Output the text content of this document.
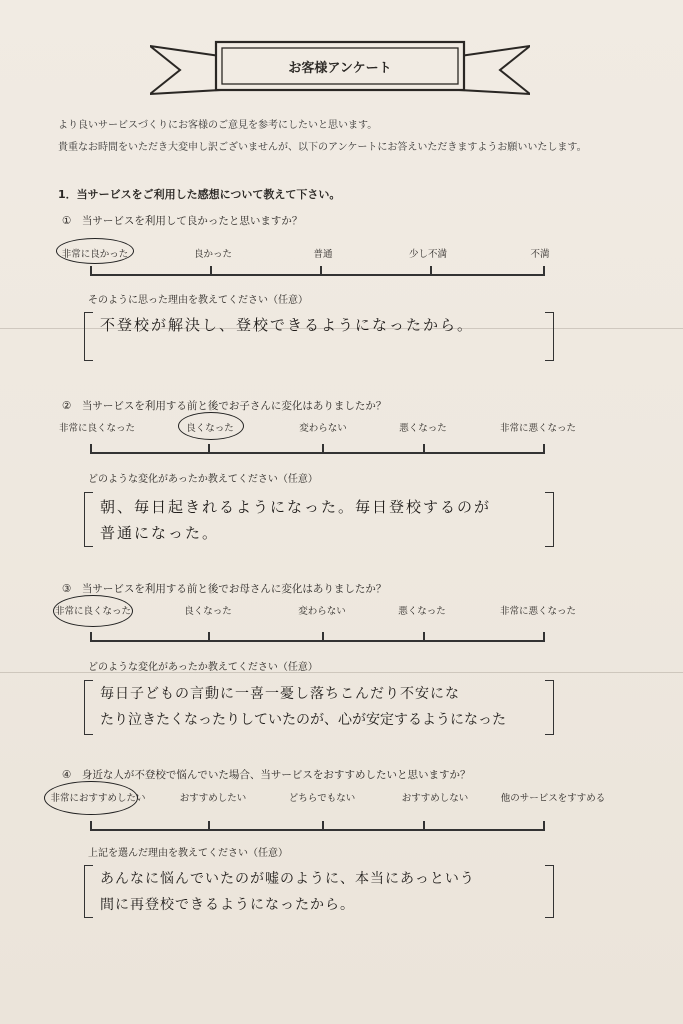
お客様アンケート
より良いサービスづくりにお客様のご意見を参考にしたいと思います。
貴重なお時間をいただき大変申し訳ございませんが、以下のアンケートにお答えいただきますようお願いいたします。
1．当サービスをご利用した感想について教えて下さい。
①　当サービスを利用して良かったと思いますか？
非常に良かった	良かった	普通	少し不満	不満
そのように思った理由を教えてください（任意）
不登校が解決し、登校できるようになったから。
②　当サービスを利用する前と後でお子さんに変化はありましたか？
非常に良くなった	良くなった	変わらない	悪くなった	非常に悪くなった
どのような変化があったか教えてください（任意）
朝、毎日起きれるようになった。毎日登校するのが
普通になった。
③　当サービスを利用する前と後でお母さんに変化はありましたか？
非常に良くなった	良くなった	変わらない	悪くなった	非常に悪くなった
どのような変化があったか教えてください（任意）
毎日子どもの言動に一喜一憂し落ちこんだり不安にな
たり泣きたくなったりしていたのが、心が安定するようになった
④　身近な人が不登校で悩んでいた場合、当サービスをおすすめしたいと思いますか？
非常におすすめしたい	おすすめしたい	どちらでもない	おすすめしない	他のサービスをすすめる
上記を選んだ理由を教えてください（任意）
あんなに悩んでいたのが嘘のように、本当にあっという
間に再登校できるようになったから。
